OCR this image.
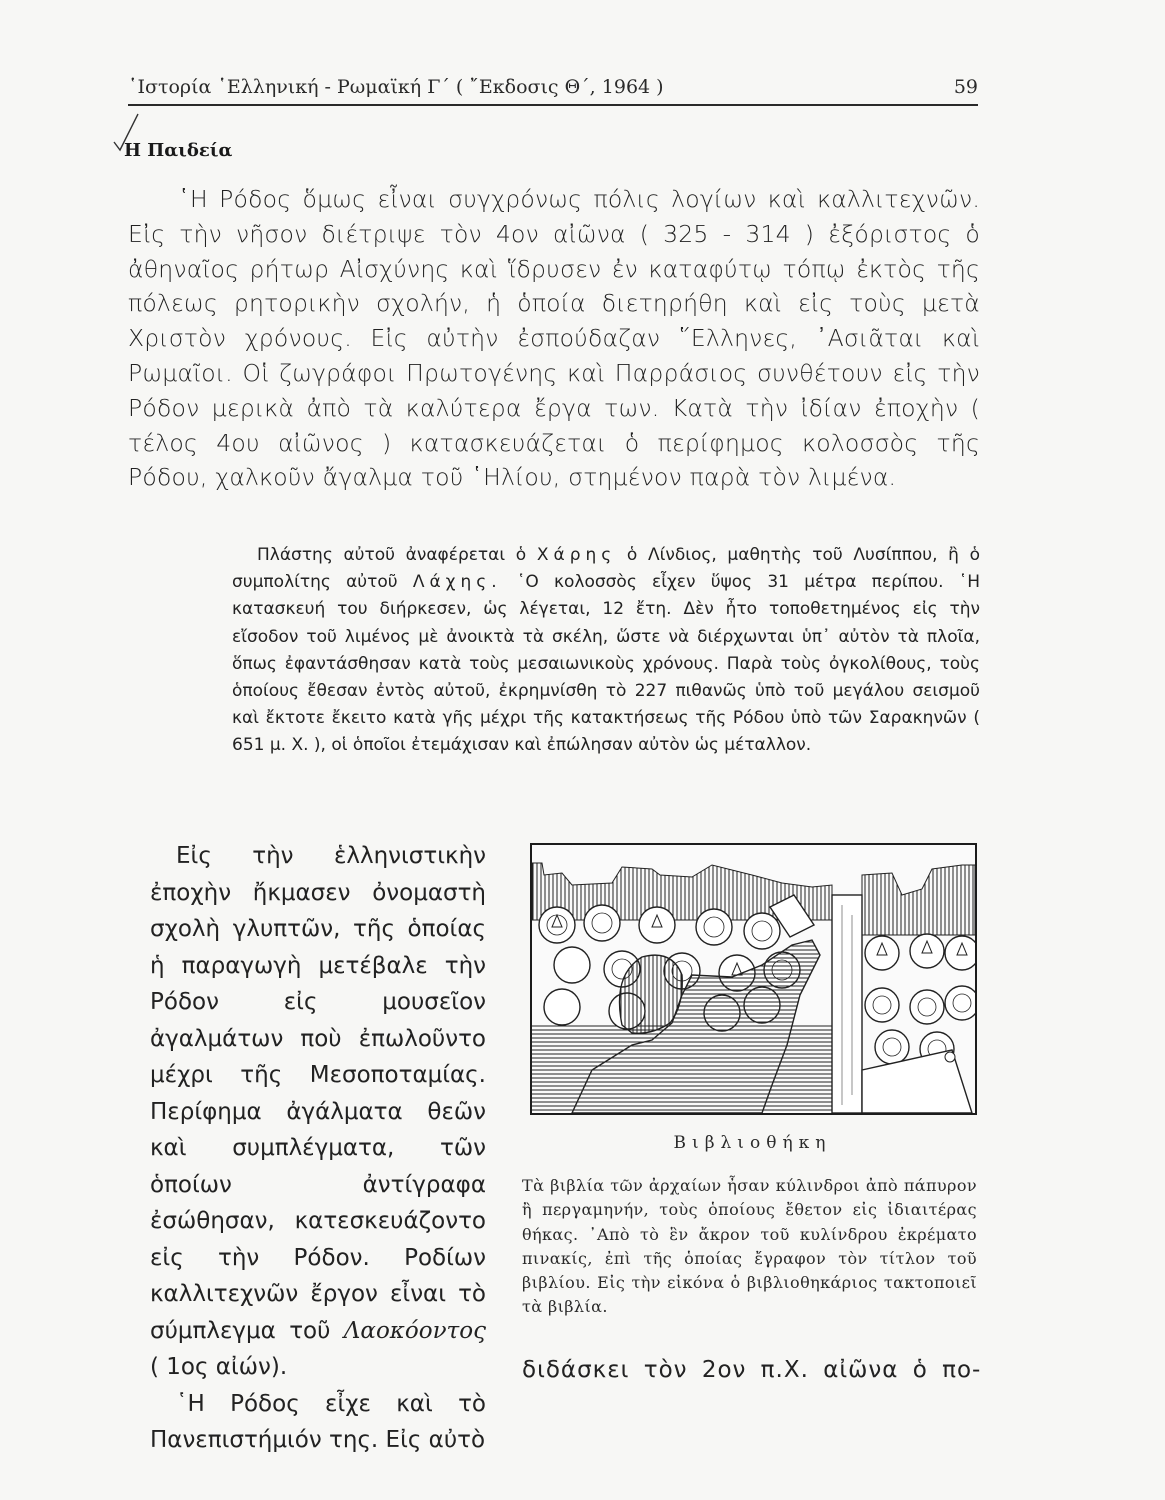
῾Ιστορία ῾Ελληνική - Ρωμαϊκή Γ΄ ( ῎Εκδοσις Θ΄, 1964 )	59
Η Παιδεία

῾Η Ρόδος ὅμως εἶναι συγχρόνως πόλις λογίων καὶ καλλιτεχνῶν. Εἰς τὴν νῆσον διέτριψε τὸν 4ον αἰῶνα ( 325 - 314 ) ἐξόριστος ὁ ἀθηναῖος ρήτωρ Αἰσχύνης καὶ ἵδρυσεν ἐν καταφύτῳ τόπῳ ἐκτὸς τῆς πόλεως ρητορικὴν σχολήν, ἡ ὁποία διετηρήθη καὶ εἰς τοὺς μετὰ Χριστὸν χρόνους. Εἰς αὐτὴν ἐσπούδαζαν ῞Ελληνες, ᾿Ασιᾶται καὶ Ρωμαῖοι. Οἱ ζωγράφοι Πρωτογένης καὶ Παρράσιος συνθέτουν εἰς τὴν Ρόδον μερικὰ ἀπὸ τὰ καλύτερα ἔργα των. Κατὰ τὴν ἰδίαν ἐποχὴν ( τέλος 4ου αἰῶνος ) κατασκευάζεται ὁ περίφημος κολοσσὸς τῆς Ρόδου, χαλκοῦν ἄγαλμα τοῦ ῾Ηλίου, στημένον παρὰ τὸν λιμένα.

Πλάστης αὐτοῦ ἀναφέρεται ὁ Χάρης ὁ Λίνδιος, μαθητὴς τοῦ Λυσίππου, ἢ ὁ συμπολίτης αὐτοῦ Λάχης. ῾Ο κολοσσὸς εἶχεν ὕψος 31 μέτρα περίπου. ῾Η κατασκευή του διήρκεσεν, ὡς λέγεται, 12 ἔτη. Δὲν ἦτο τοποθετημένος εἰς τὴν εἴσοδον τοῦ λιμένος μὲ ἀνοικτὰ τὰ σκέλη, ὥστε νὰ διέρχωνται ὑπ᾿ αὐτὸν τὰ πλοῖα, ὅπως ἐφαντάσθησαν κατὰ τοὺς μεσαιωνικοὺς χρόνους. Παρὰ τοὺς ὀγκολίθους, τοὺς ὁποίους ἔθεσαν ἐντὸς αὐτοῦ, ἐκρημνίσθη τὸ 227 πιθανῶς ὑπὸ τοῦ μεγάλου σεισμοῦ καὶ ἔκτοτε ἔκειτο κατὰ γῆς μέχρι τῆς κατακτήσεως τῆς Ρόδου ὑπὸ τῶν Σαρακηνῶν ( 651 μ. Χ. ), οἱ ὁποῖοι ἐτεμάχισαν καὶ ἐπώλησαν αὐτὸν ὡς μέταλλον.

Εἰς τὴν ἑλληνιστικὴν ἐποχὴν ἤκμασεν ὀνομαστὴ σχολὴ γλυπτῶν, τῆς ὁποίας ἡ παραγωγὴ μετέβαλε τὴν Ρόδον εἰς μουσεῖον ἀγαλμάτων ποὺ ἐπωλοῦντο μέχρι τῆς Μεσοποταμίας. Περίφημα ἀγάλματα θεῶν καὶ συμπλέγματα, τῶν ὁποίων ἀντίγραφα ἐσώθησαν, κατεσκευάζοντο εἰς τὴν Ρόδον. Ροδίων καλλιτεχνῶν ἔργον εἶναι τὸ σύμπλεγμα τοῦ Λαοκόοντος ( 1ος αἰών).
῾Η Ρόδος εἶχε καὶ τὸ Πανεπιστήμιόν της. Εἰς αὐτὸ

Βιβλιοθήκη

Τὰ βιβλία τῶν ἀρχαίων ἦσαν κύλινδροι ἀπὸ πάπυρον ἢ περγαμηνήν, τοὺς ὁποίους ἔθετον εἰς ἰδιαιτέρας θήκας. ᾿Απὸ τὸ ἓν ἄκρον τοῦ κυλίνδρου ἐκρέματο πινακίς, ἐπὶ τῆς ὁποίας ἔγραφον τὸν τίτλον τοῦ βιβλίου. Εἰς τὴν εἰκόνα ὁ βιβλιοθηκάριος τακτοποιεῖ τὰ βιβλία.

διδάσκει τὸν 2ον π.Χ. αἰῶνα ὁ πο-
